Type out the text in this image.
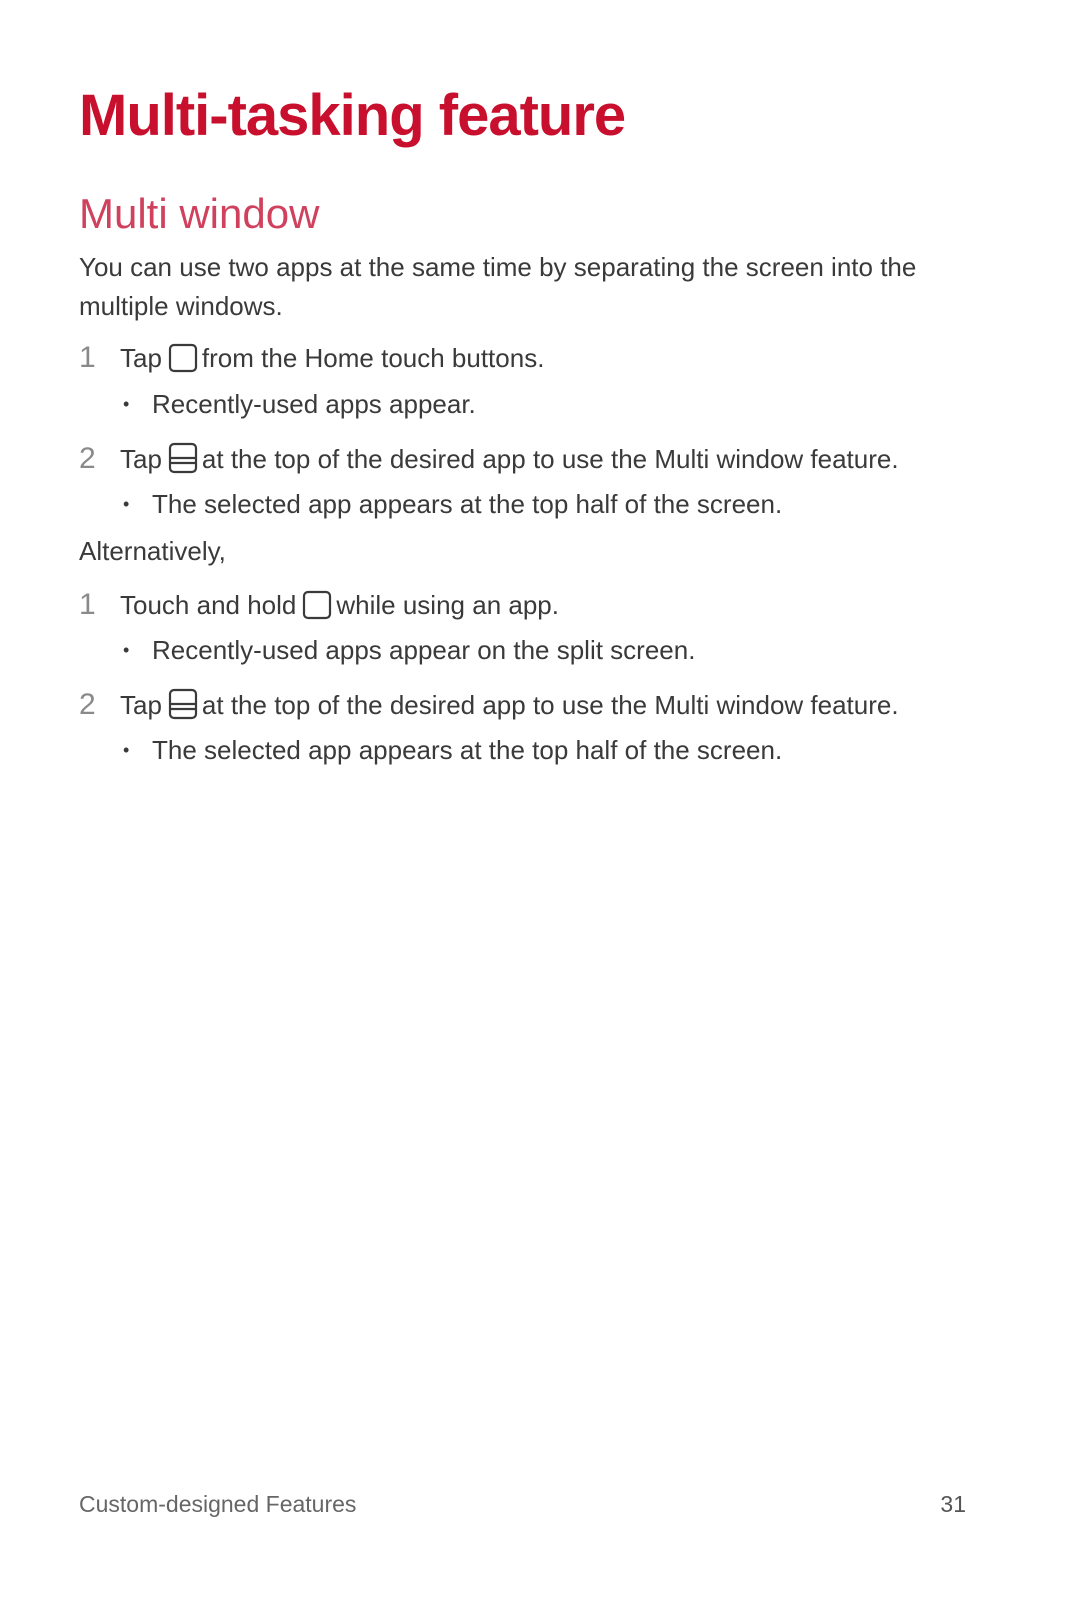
Multi-tasking feature
Multi window

You can use two apps at the same time by separating the screen into the multiple windows.

1 Tap from the Home touch buttons.

• Recently-used apps appear.

2 Tap at the top of the desired app to use the Multi window feature.

• The selected app appears at the top half of the screen.

Alternatively,

1 Touch and hold while using an app.

• Recently-used apps appear on the split screen.

2 Tap at the top of the desired app to use the Multi window feature.

• The selected app appears at the top half of the screen.

Custom-designed Features	31
